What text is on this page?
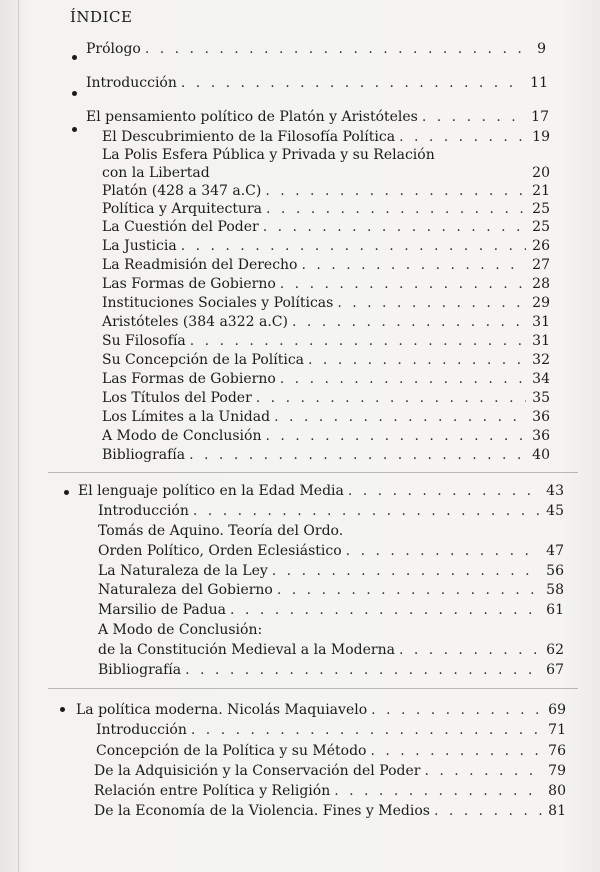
ÍNDICE
Prólogo . . .	9
Introducción . . .	11
El pensamiento político de Platón y Aristóteles . . .	17
El Descubrimiento de la Filosofía Política . . .	19
La Polis Esfera Pública y Privada y su Relación
con la Libertad	20
Platón (428 a 347 a.C) . . .	21
Política y Arquitectura . . .	25
La Cuestión del Poder . . .	25
La Justicia . . .	26
La Readmisión del Derecho . . .	27
Las Formas de Gobierno . . .	28
Instituciones Sociales y Políticas . . .	29
Aristóteles (384 a322 a.C) . . .	31
Su Filosofía . . .	31
Su Concepción de la Política . . .	32
Las Formas de Gobierno . . .	34
Los Títulos del Poder . . .	35
Los Límites a la Unidad . . .	36
A Modo de Conclusión . . .	36
Bibliografía . . .	40
El lenguaje político en la Edad Media . . .	43
Introducción . . .	45
Tomás de Aquino. Teoría del Ordo.
Orden Político, Orden Eclesiástico . . .	47
La Naturaleza de la Ley . . .	56
Naturaleza del Gobierno . . .	58
Marsilio de Padua . . .	61
A Modo de Conclusión:
de la Constitución Medieval a la Moderna . . .	62
Bibliografía . . .	67
La política moderna. Nicolás Maquiavelo . . .	69
Introducción . . .	71
Concepción de la Política y su Método . . .	76
De la Adquisición y la Conservación del Poder . . .	79
Relación entre Política y Religión . . .	80
De la Economía de la Violencia. Fines y Medios . . .	81
